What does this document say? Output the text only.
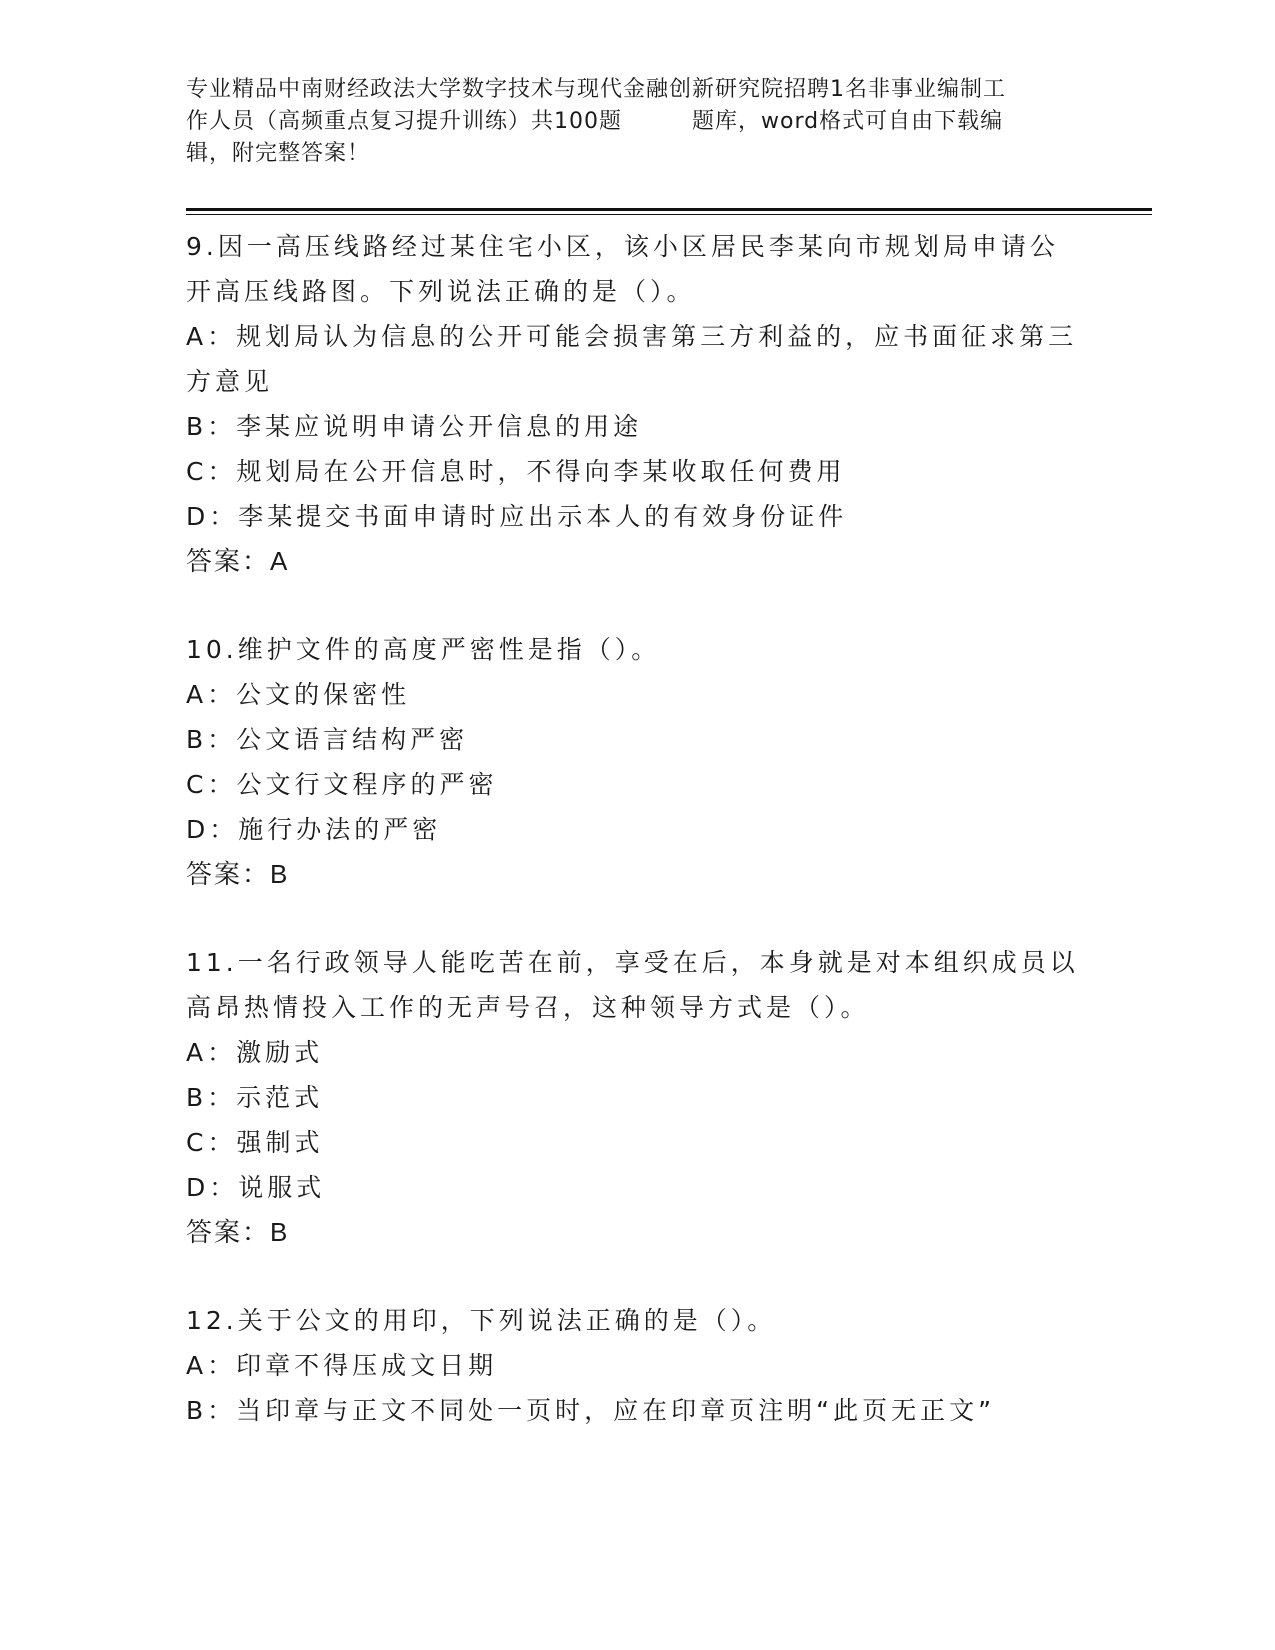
专业精品中南财经政法大学数字技术与现代金融创新研究院招聘1名非事业编制工
作人员（高频重点复习提升训练）共100题	题库，word格式可自由下载编
辑，附完整答案！
9.因一高压线路经过某住宅小区，该小区居民李某向市规划局申请公
开高压线路图。下列说法正确的是（）。
A：规划局认为信息的公开可能会损害第三方利益的，应书面征求第三
方意见
B：李某应说明申请公开信息的用途
C：规划局在公开信息时，不得向李某收取任何费用
D：李某提交书面申请时应出示本人的有效身份证件
答案：A
10.维护文件的高度严密性是指（）。
A：公文的保密性
B：公文语言结构严密
C：公文行文程序的严密
D：施行办法的严密
答案：B
11.一名行政领导人能吃苦在前，享受在后，本身就是对本组织成员以
高昂热情投入工作的无声号召，这种领导方式是（）。
A：激励式
B：示范式
C：强制式
D：说服式
答案：B
12.关于公文的用印，下列说法正确的是（）。
A：印章不得压成文日期
B：当印章与正文不同处一页时，应在印章页注明“此页无正文”
